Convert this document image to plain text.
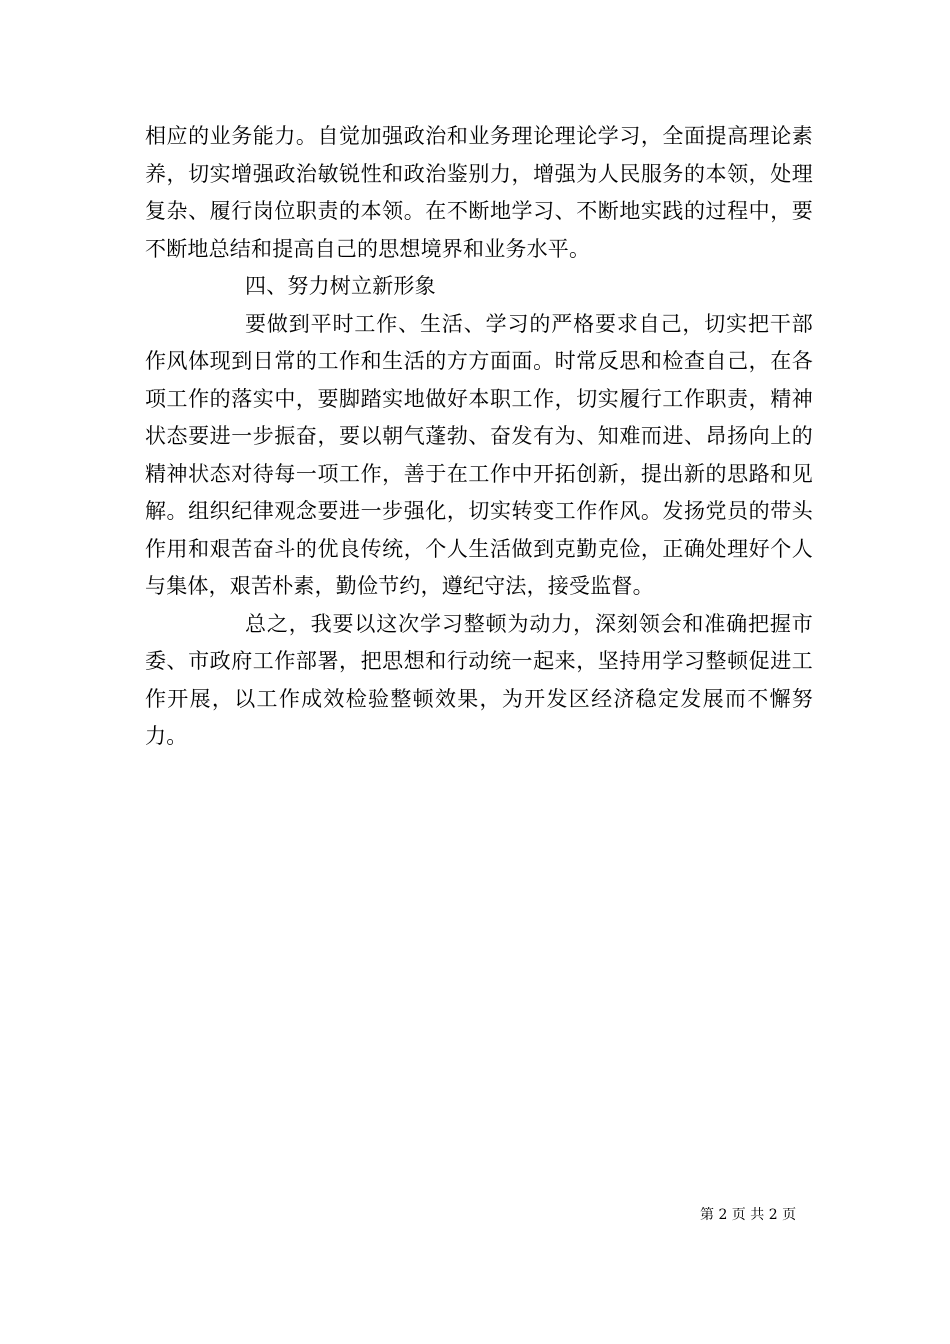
相应的业务能力。自觉加强政治和业务理论理论学习，全面提高理论素养，切实增强政治敏锐性和政治鉴别力，增强为人民服务的本领，处理复杂、履行岗位职责的本领。在不断地学习、不断地实践的过程中，要不断地总结和提高自己的思想境界和业务水平。

四、努力树立新形象

要做到平时工作、生活、学习的严格要求自己，切实把干部作风体现到日常的工作和生活的方方面面。时常反思和检查自己，在各项工作的落实中，要脚踏实地做好本职工作，切实履行工作职责，精神状态要进一步振奋，要以朝气蓬勃、奋发有为、知难而进、昂扬向上的精神状态对待每一项工作，善于在工作中开拓创新，提出新的思路和见解。组织纪律观念要进一步强化，切实转变工作作风。发扬党员的带头作用和艰苦奋斗的优良传统，个人生活做到克勤克俭，正确处理好个人与集体，艰苦朴素，勤俭节约，遵纪守法，接受监督。

总之，我要以这次学习整顿为动力，深刻领会和准确把握市委、市政府工作部署，把思想和行动统一起来，坚持用学习整顿促进工作开展，以工作成效检验整顿效果，为开发区经济稳定发展而不懈努力。

第 2 页 共 2 页
